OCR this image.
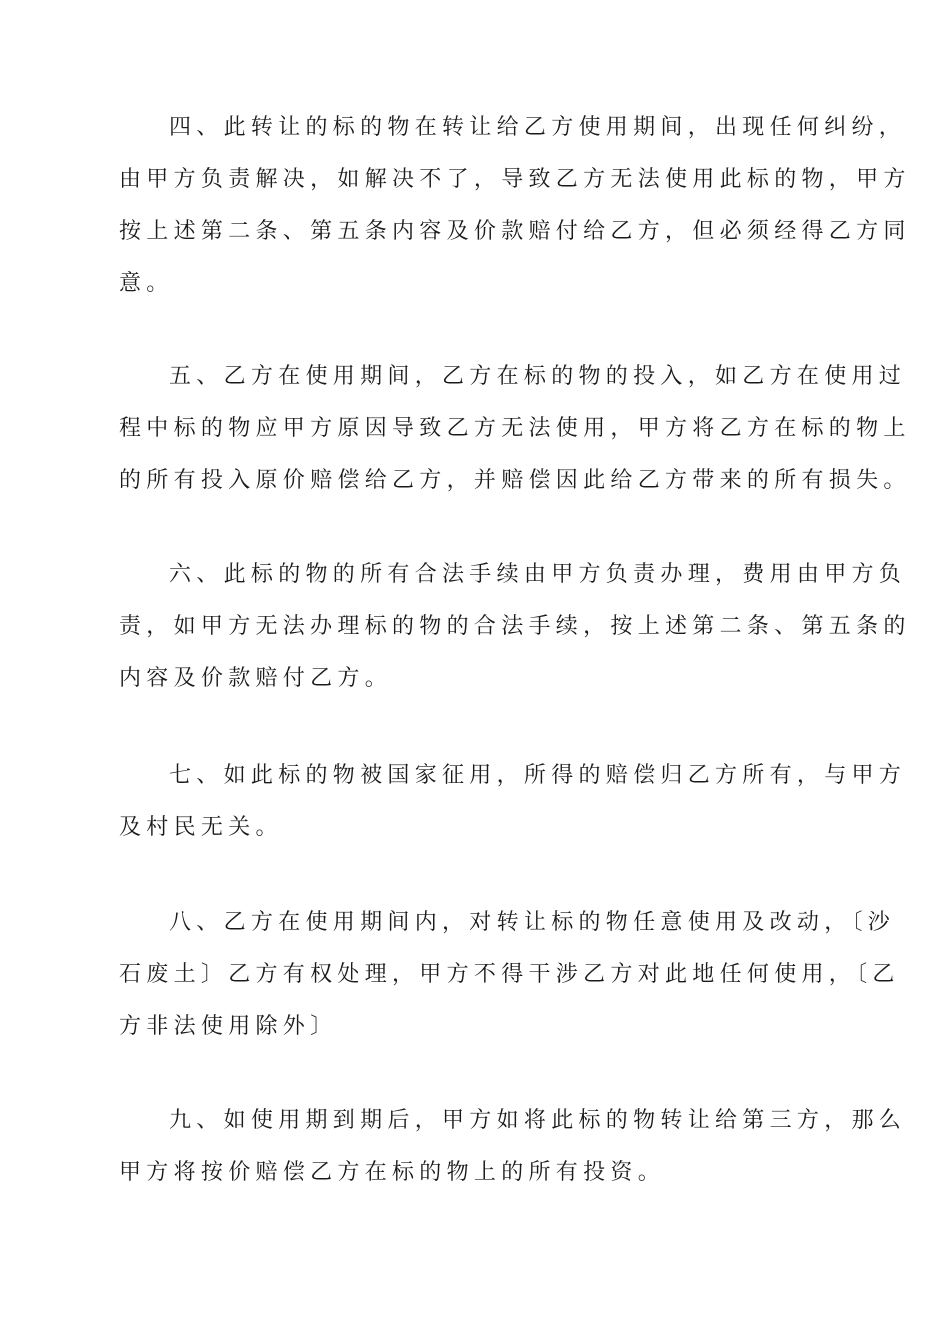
四、此转让的标的物在转让给乙方使用期间，出现任何纠纷，
由甲方负责解决，如解决不了，导致乙方无法使用此标的物，甲方
按上述第二条、第五条内容及价款赔付给乙方，但必须经得乙方同
意。
五、乙方在使用期间，乙方在标的物的投入，如乙方在使用过
程中标的物应甲方原因导致乙方无法使用，甲方将乙方在标的物上
的所有投入原价赔偿给乙方，并赔偿因此给乙方带来的所有损失。
六、此标的物的所有合法手续由甲方负责办理，费用由甲方负
责，如甲方无法办理标的物的合法手续，按上述第二条、第五条的
内容及价款赔付乙方。
七、如此标的物被国家征用，所得的赔偿归乙方所有，与甲方
及村民无关。
八、乙方在使用期间内，对转让标的物任意使用及改动，〔沙
石废土〕乙方有权处理，甲方不得干涉乙方对此地任何使用，〔乙
方非法使用除外〕
九、如使用期到期后，甲方如将此标的物转让给第三方，那么
甲方将按价赔偿乙方在标的物上的所有投资。
